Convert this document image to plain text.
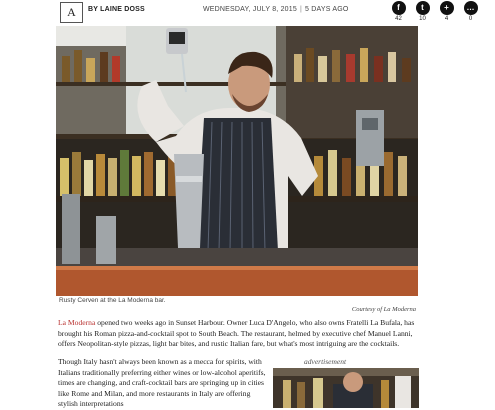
A	BY LAINE DOSS	WEDNESDAY, JULY 8, 2015 | 5 DAYS AGO	f
42
t
10
+
4
…
0
Rusty Cerven at the La Moderna bar.
Courtesy of La Moderna

La Moderna opened two weeks ago in Sunset Harbour. Owner Luca D'Angelo, who also owns Fratelli La Bufala, has brought his Roman pizza-and-cocktail spot to South Beach. The restaurant, helmed by executive chef Manuel Lanni, offers Neopolitan-style pizzas, light bar bites, and rustic Italian fare, but what's most intriguing are the cocktails.

Though Italy hasn't always been known as a mecca for spirits, with Italians traditionally preferring either wines or low-alcohol aperitifs, times are changing, and craft-cocktail bars are springing up in cities like Rome and Milan, and more restaurants in Italy are offering stylish interpretations

advertisement
